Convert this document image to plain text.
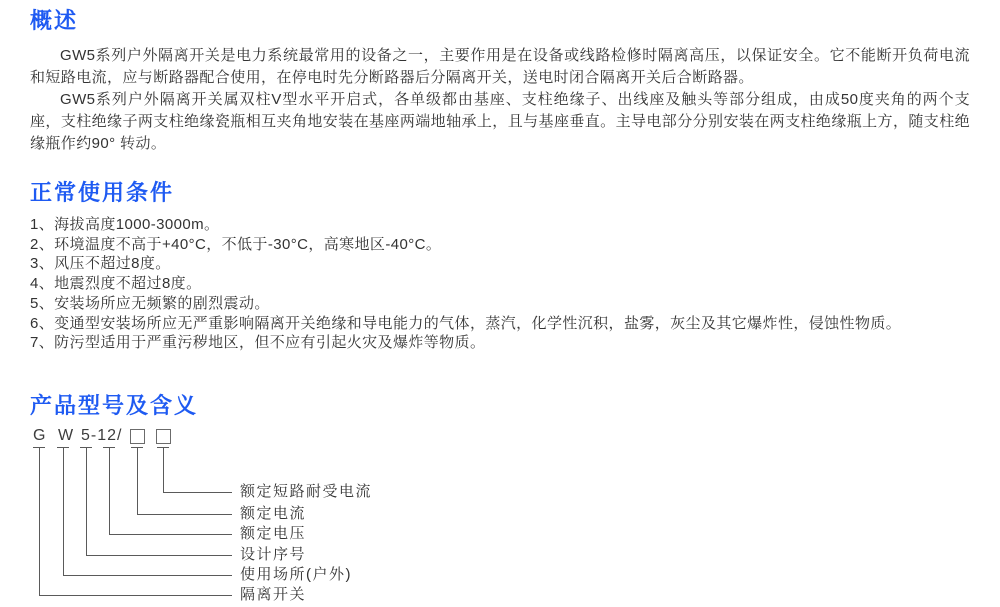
概述

GW5系列户外隔离开关是电力系统最常用的设备之一，主要作用是在设备或线路检修时隔离高压，以保证安全。它不能断开负荷电流和短路电流，应与断路器配合使用，在停电时先分断路器后分隔离开关，送电时闭合隔离开关后合断路器。

GW5系列户外隔离开关属双柱V型水平开启式，各单级都由基座、支柱绝缘子、出线座及触头等部分组成，由成50度夹角的两个支座，支柱绝缘子两支柱绝缘瓷瓶相互夹角地安装在基座两端地轴承上，且与基座垂直。主导电部分分别安装在两支柱绝缘瓶上方，随支柱绝缘瓶作约90° 转动。

正常使用条件
1、海拔高度1000-3000m。
2、环境温度不高于+40°C，不低于-30°C，高寒地区-40°C。
3、风压不超过8度。
4、地震烈度不超过8度。
5、安装场所应无频繁的剧烈震动。
6、变通型安装场所应无严重影响隔离开关绝缘和导电能力的气体，蒸汽，化学性沉积，盐雾，灰尘及其它爆炸性，侵蚀性物质。
7、防污型适用于严重污秽地区，但不应有引起火灾及爆炸等物质。
产品型号及含义
G W 5-12/
额定短路耐受电流
额定电流
额定电压
设计序号
使用场所(户外)
隔离开关
